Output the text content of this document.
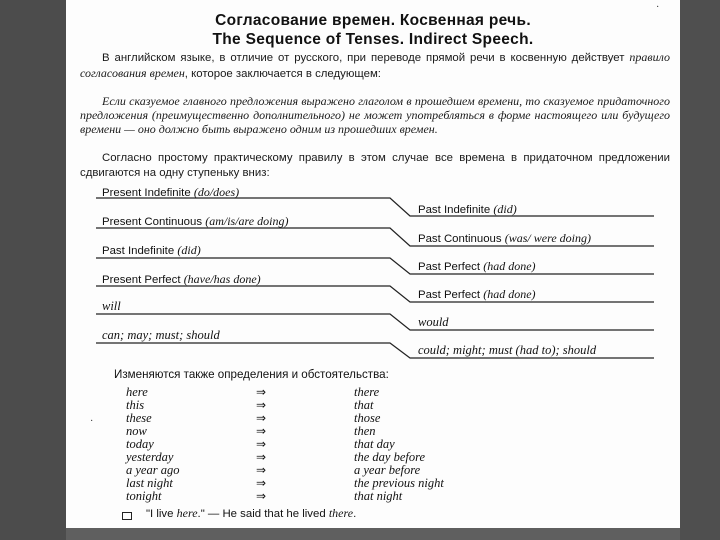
Согласование времен. Косвенная речь.
The Sequence of Tenses. Indirect Speech.
В английском языке, в отличие от русского, при переводе прямой речи в косвенную действует правило согласования времен, которое заключается в следующем:
Если сказуемое главного предложения выражено глаголом в прошедшем времени, то сказуемое придаточного предложения (преимущественно дополнительного) не может употребляться в форме настоящего или будущего времени — оно должно быть выражено одним из прошедших времен.
Согласно простому практическому правилу в этом случае все времена в придаточном предложении сдвигаются на одну ступеньку вниз:
Present Indefinite (do/does)
Present Continuous (am/is/are doing)
Past Indefinite (did)
Present Perfect (have/has done)
will
can; may; must; should
Past Indefinite (did)
Past Continuous (was/ were doing)
Past Perfect (had done)
Past Perfect (had done)
would
could; might; must (had to); should
Изменяются также определения и обстоятельства:
here
this
these
now
today
yesterday
a year ago
last night
tonight
⇒
⇒
⇒
⇒
⇒
⇒
⇒
⇒
⇒
there
that
those
then
that day
the day before
a year before
the previous night
that night
"I live here." — He said that he lived there.
·
·
